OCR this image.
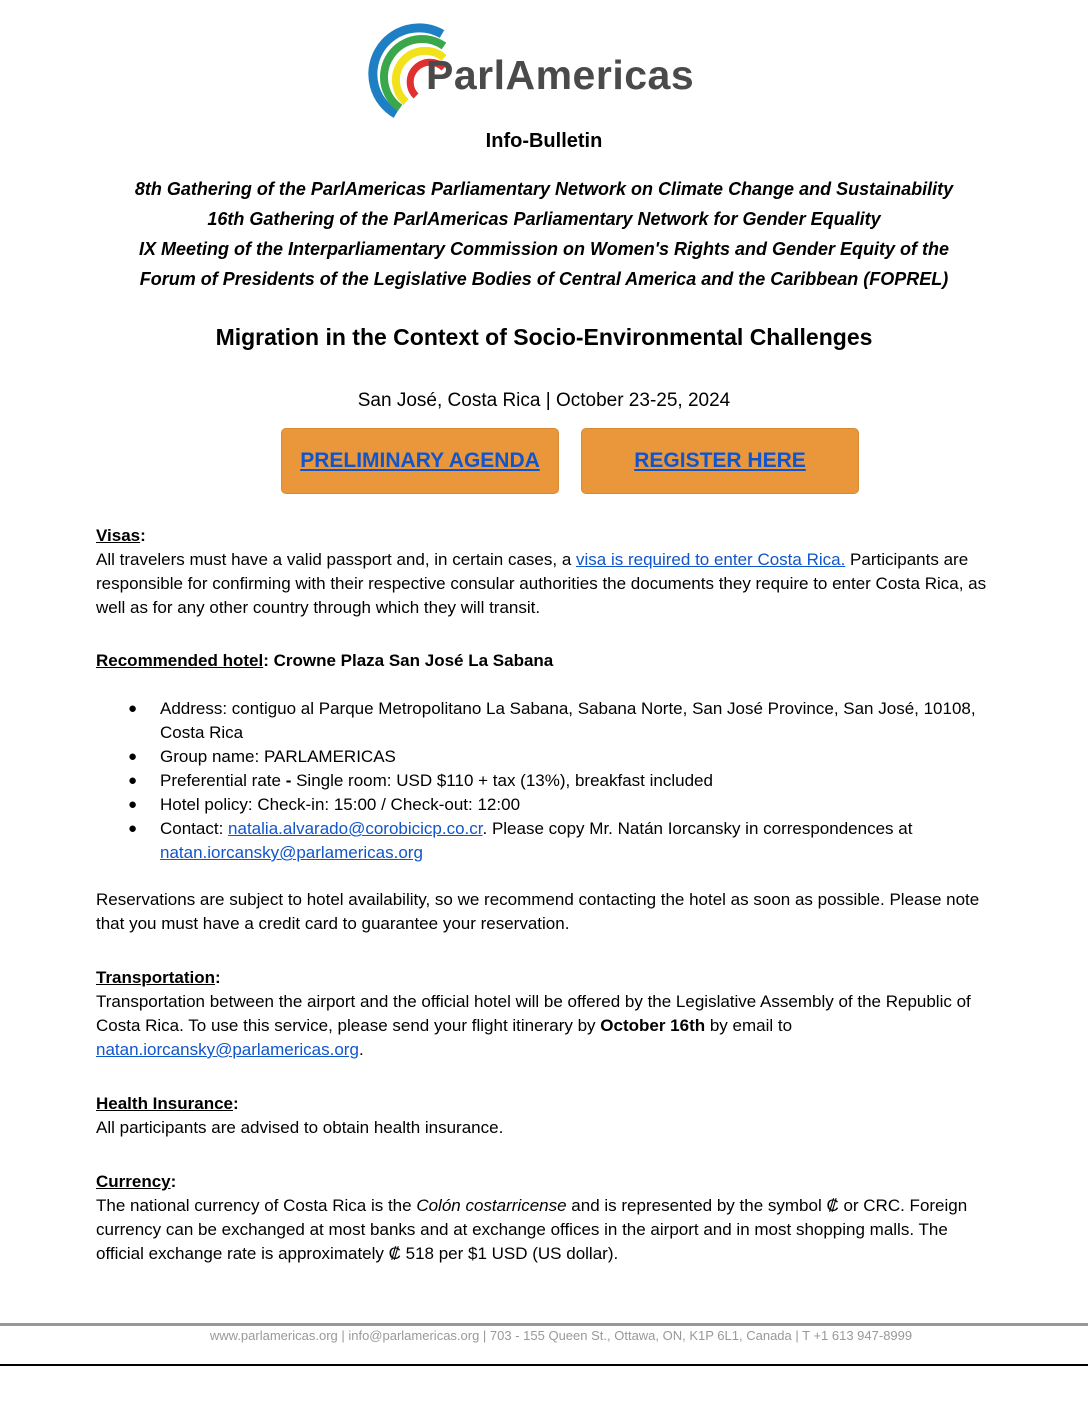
ParlAmericas
Info-Bulletin
8th Gathering of the ParlAmericas Parliamentary Network on Climate Change and Sustainability
16th Gathering of the ParlAmericas Parliamentary Network for Gender Equality
IX Meeting of the Interparliamentary Commission on Women's Rights and Gender Equity of the
Forum of Presidents of the Legislative Bodies of Central America and the Caribbean (FOPREL)
Migration in the Context of Socio-Environmental Challenges
San José, Costa Rica | October 23-25, 2024
PRELIMINARY AGENDA	REGISTER HERE
Visas:
All travelers must have a valid passport and, in certain cases, a visa is required to enter Costa Rica. Participants are responsible for confirming with their respective consular authorities the documents they require to enter Costa Rica, as well as for any other country through which they will transit.
Recommended hotel: Crowne Plaza San José La Sabana
● Address: contiguo al Parque Metropolitano La Sabana, Sabana Norte, San José Province, San José, 10108, Costa Rica
● Group name: PARLAMERICAS
● Preferential rate - Single room: USD $110 + tax (13%), breakfast included
● Hotel policy: Check-in: 15:00 / Check-out: 12:00
● Contact: natalia.alvarado@corobicicp.co.cr. Please copy Mr. Natán Iorcansky in correspondences at natan.iorcansky@parlamericas.org
Reservations are subject to hotel availability, so we recommend contacting the hotel as soon as possible. Please note that you must have a credit card to guarantee your reservation.
Transportation:
Transportation between the airport and the official hotel will be offered by the Legislative Assembly of the Republic of Costa Rica. To use this service, please send your flight itinerary by October 16th by email to natan.iorcansky@parlamericas.org.
Health Insurance:
All participants are advised to obtain health insurance.
Currency:
The national currency of Costa Rica is the Colón costarricense and is represented by the symbol ₡ or CRC. Foreign currency can be exchanged at most banks and at exchange offices in the airport and in most shopping malls. The official exchange rate is approximately ₡ 518 per $1 USD (US dollar).
www.parlamericas.org | info@parlamericas.org | 703 - 155 Queen St., Ottawa, ON, K1P 6L1, Canada | T +1 613 947-8999
